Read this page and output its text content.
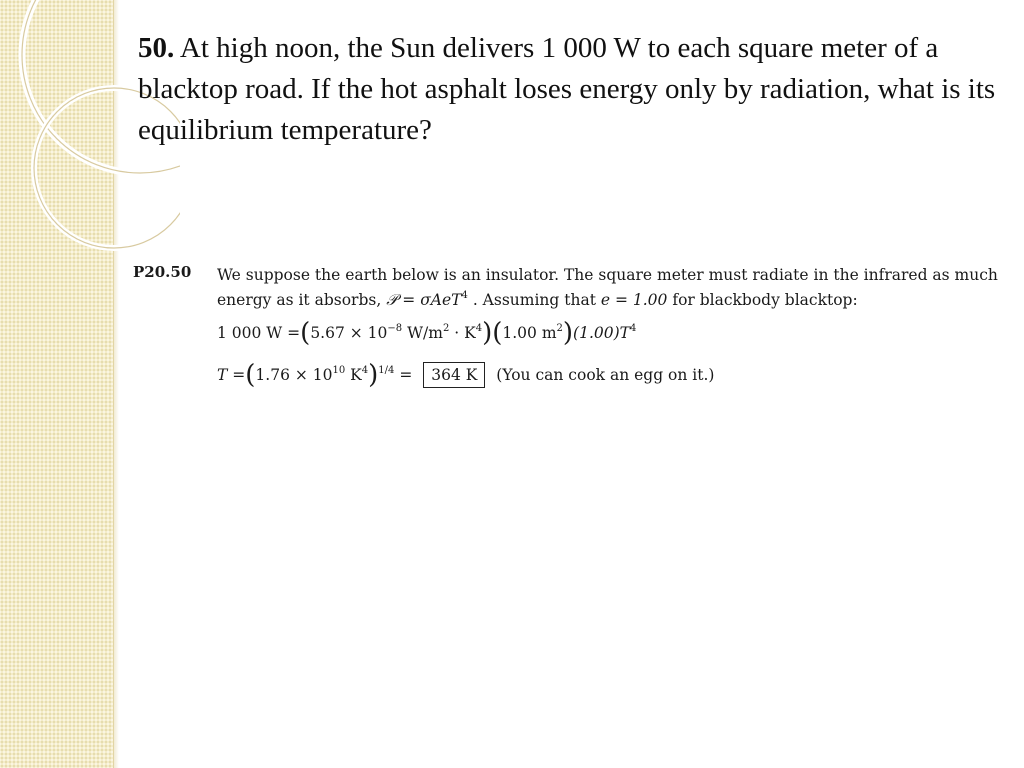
50. At high noon, the Sun delivers 1 000 W to each square meter of a blacktop road. If the hot asphalt loses energy only by radiation, what is its equilibrium temperature?
P20.50 We suppose the earth below is an insulator. The square meter must radiate in the infrared as much
energy as it absorbs, 𝒫 = σAeT$^4$ . Assuming that e = 1.00 for blackbody blacktop:
1 000 $W =(5.67 \times 10^{-8}$ $W/m^2 \cdot K^4)(1.00$ $m^2)(1.00)T^4$
$T =(1.76 \times 10^{10}$ $K^4)^{1/4} = 364$ K (You can cook an egg on it.)
